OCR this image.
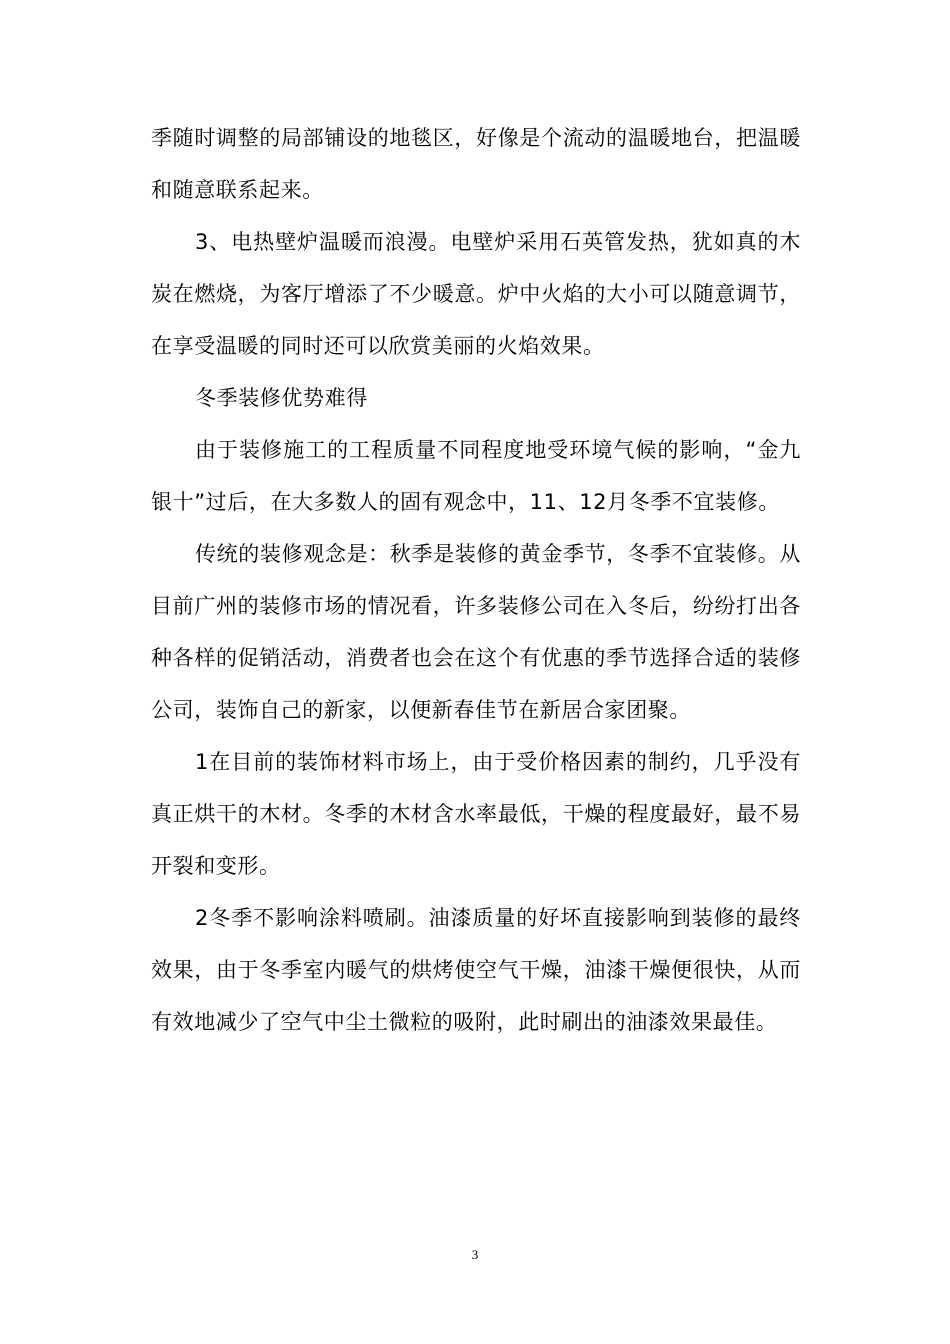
季随时调整的局部铺设的地毯区，好像是个流动的温暖地台，把温暖和随意联系起来。

3、电热壁炉温暖而浪漫。电壁炉采用石英管发热，犹如真的木炭在燃烧，为客厅增添了不少暖意。炉中火焰的大小可以随意调节，在享受温暖的同时还可以欣赏美丽的火焰效果。

冬季装修优势难得

由于装修施工的工程质量不同程度地受环境气候的影响，“金九银十”过后，在大多数人的固有观念中，11、12月冬季不宜装修。

传统的装修观念是：秋季是装修的黄金季节，冬季不宜装修。从目前广州的装修市场的情况看，许多装修公司在入冬后，纷纷打出各种各样的促销活动，消费者也会在这个有优惠的季节选择合适的装修公司，装饰自己的新家，以便新春佳节在新居合家团聚。

1在目前的装饰材料市场上，由于受价格因素的制约，几乎没有真正烘干的木材。冬季的木材含水率最低，干燥的程度最好，最不易开裂和变形。

2冬季不影响涂料喷刷。油漆质量的好坏直接影响到装修的最终效果，由于冬季室内暖气的烘烤使空气干燥，油漆干燥便很快，从而有效地减少了空气中尘土微粒的吸附，此时刷出的油漆效果最佳。

3
